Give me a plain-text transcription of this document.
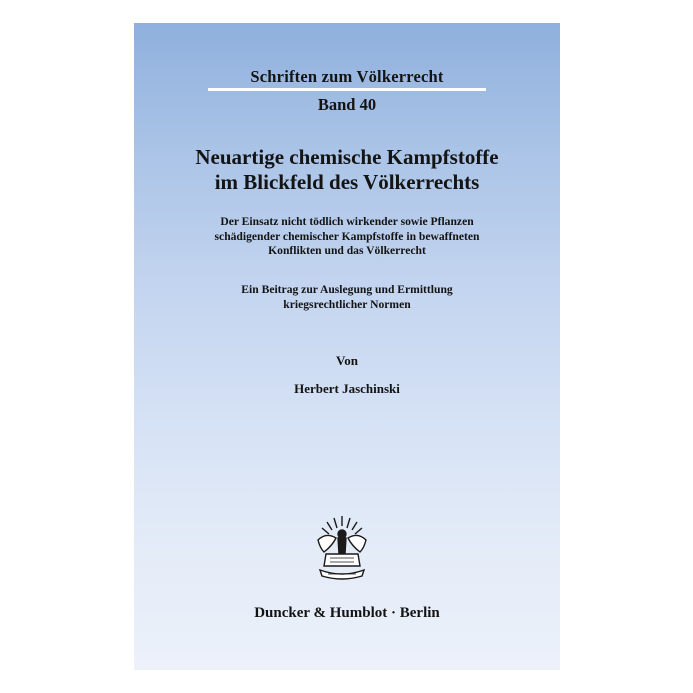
Schriften zum Völkerrecht
Band 40
Neuartige chemische Kampfstoffe
im Blickfeld des Völkerrechts
Der Einsatz nicht tödlich wirkender sowie Pflanzen
schädigender chemischer Kampfstoffe in bewaffneten
Konflikten und das Völkerrecht
Ein Beitrag zur Auslegung und Ermittlung
kriegsrechtlicher Normen
Von
Herbert Jaschinski
Duncker & Humblot · Berlin
